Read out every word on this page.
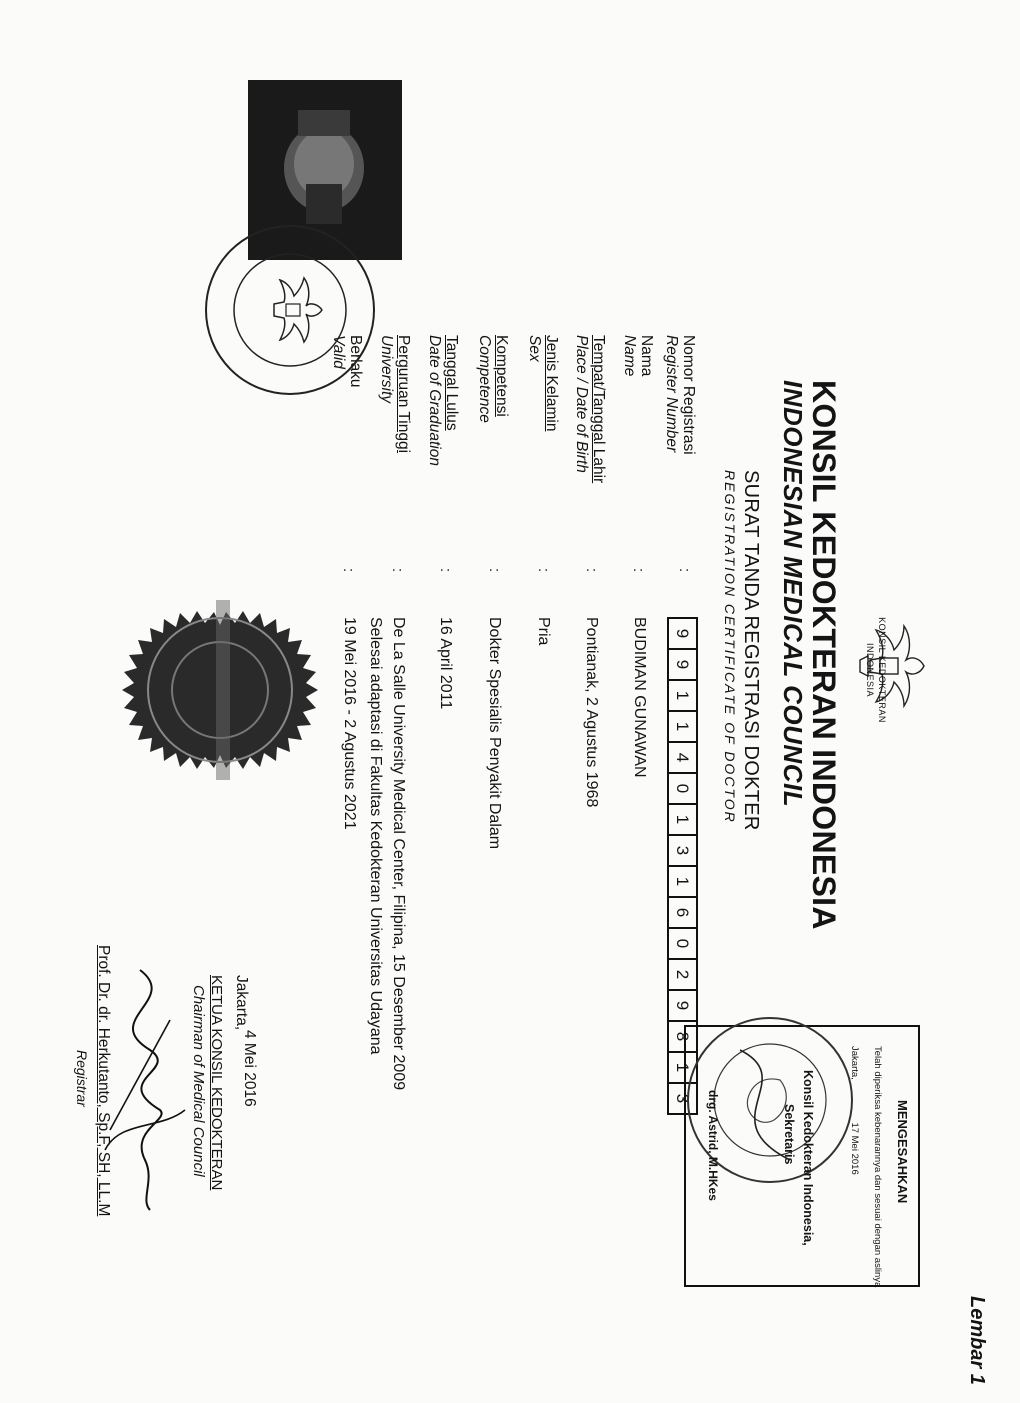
KONSIL KEDOKTERAN
INDONESIA
KONSIL KEDOKTERAN INDONESIA
INDONESIAN MEDICAL COUNCIL
SURAT TANDA REGISTRASI DOKTER
REGISTRATION CERTIFICATE OF DOCTOR
Nomor Registrasi
Register Number
Nama
Name
Tempat/Tanggal Lahir
Place / Date of Birth
Jenis Kelamin
Sex
Kompetensi
Competence
Tanggal Lulus
Date of Graduation
Perguruan Tinggi
University
Berlaku
Valid
:
:
:
:
:
:
:
:
9
9
1
1
4
0
1
3
1
6
0
2
9
8
1
3
BUDIMAN GUNAWAN
Pontianak, 2 Agustus 1968
Pria
Dokter Spesialis Penyakit Dalam
16 April 2011
De La Salle University Medical Center, Filipina, 15 Desember 2009
Selesai adaptasi di Fakultas Kedokteran Universitas Udayana
19 Mei 2016 - 2 Agustus 2021
MENGESAHKAN
Telah diperiksa kebenarannya dan sesuai dengan aslinya
Jakarta, 17 Mei 2016
Konsil Kedokteran Indonesia,
Sekretaris
drg. Astrid, M.HKes
Lembar 1
Jakarta,
4 Mei 2016
KETUA KONSIL KEDOKTERAN
Chairman of Medical Council
Prof. Dr. dr. Herkutanto, Sp.F, SH, LL.M
Registrar
